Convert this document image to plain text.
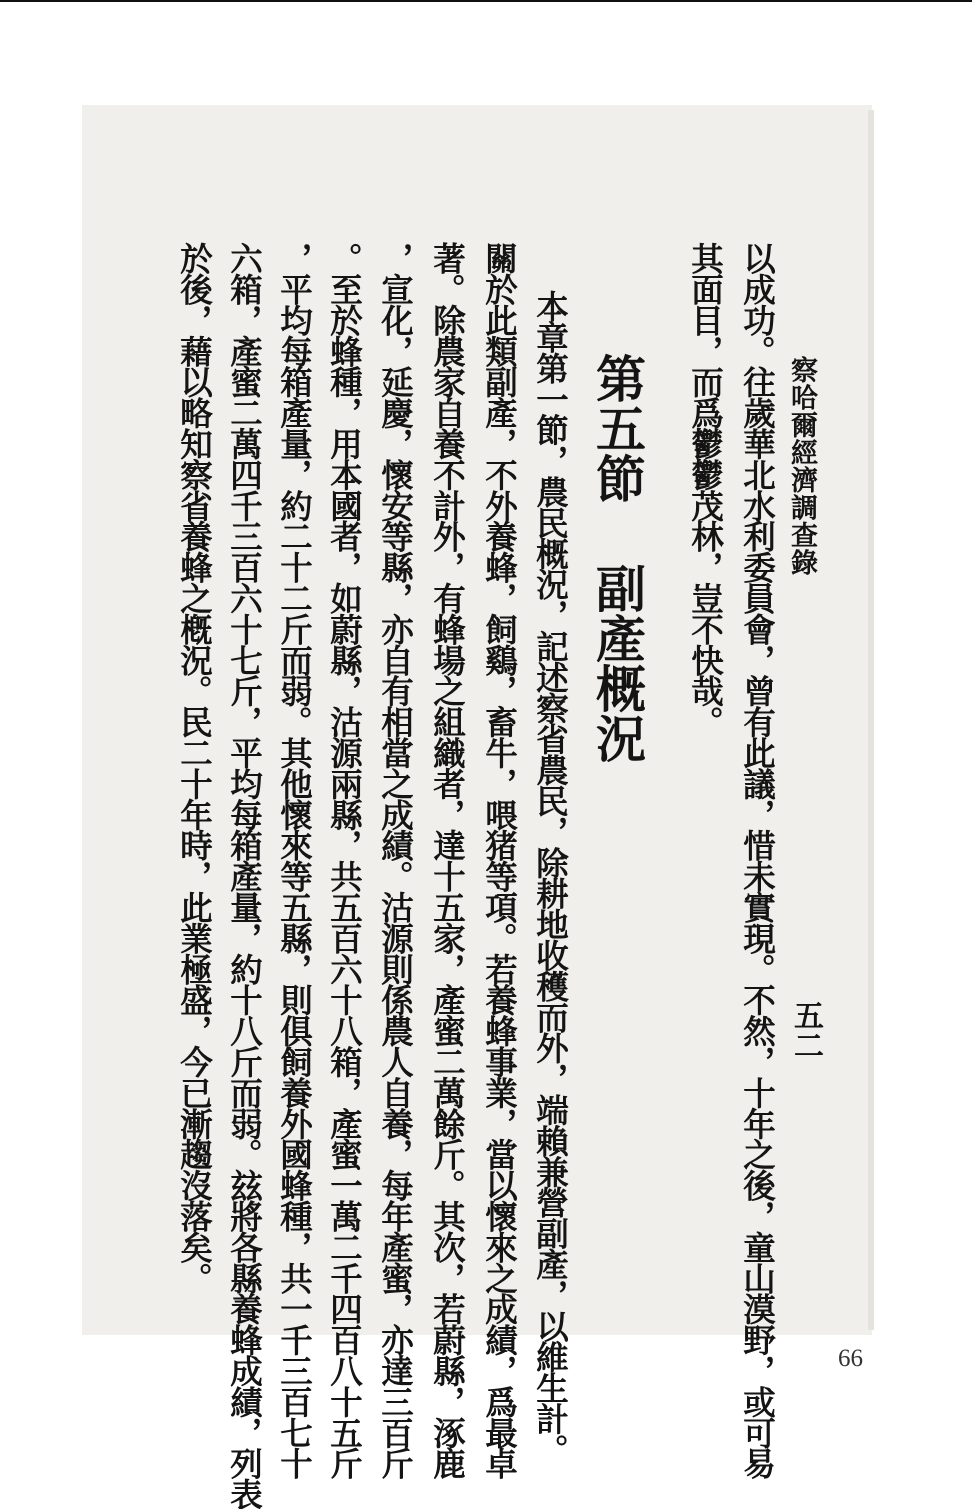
察哈爾經濟調查錄
五二
以成功。往歲華北水利委員會，曾有此議，惜未實現。不然，十年之後，童山漠野，或可易
其面目，而爲鬱鬱茂林，豈不快哉。
第五節副產概況
本章第一節，農民概況，記述察省農民，除耕地收穫而外，端賴兼營副產，以維生計。
關於此類副產，不外養蜂，飼鷄，畜牛，喂猪等項。若養蜂事業，當以懷來之成績，爲最卓
著。除農家自養不計外，有蜂場之組織者，達十五家，產蜜二萬餘斤。其次，若蔚縣，涿鹿
，宣化，延慶，懷安等縣，亦自有相當之成績。沽源則係農人自養，每年產蜜，亦達三百斤
。至於蜂種，用本國者，如蔚縣，沽源兩縣，共五百六十八箱，產蜜一萬二千四百八十五斤
，平均每箱產量，約二十二斤而弱。其他懷來等五縣，則俱飼養外國蜂種，共一千三百七十
六箱，產蜜二萬四千三百六十七斤，平均每箱產量，約十八斤而弱。玆將各縣養蜂成績，列表
於後，藉以略知察省養蜂之槪況。民二十年時，此業極盛，今已漸趨沒落矣。
66
